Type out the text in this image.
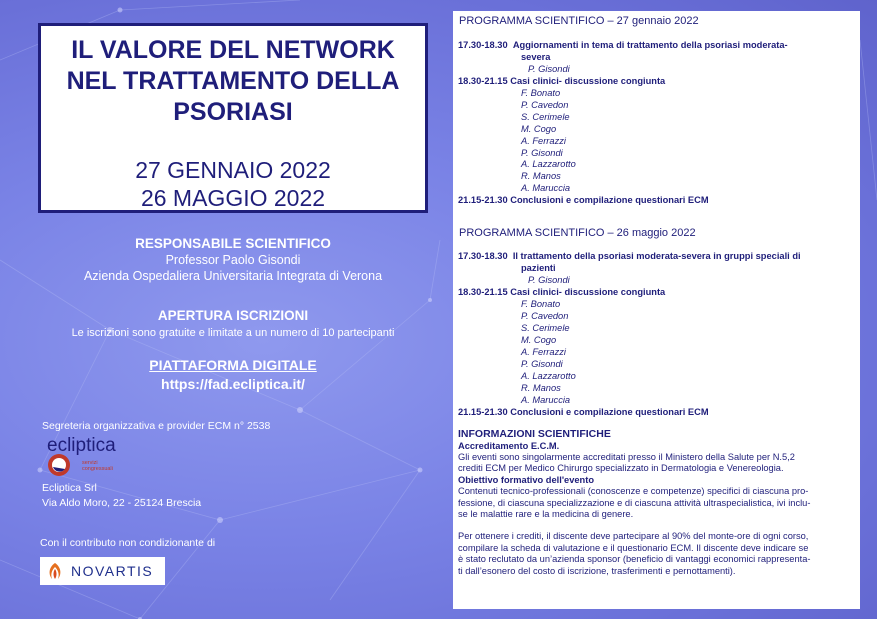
IL VALORE DEL NETWORK
NEL TRATTAMENTO DELLA
PSORIASI
27 GENNAIO 2022
26 MAGGIO 2022
RESPONSABILE SCIENTIFICO
Professor Paolo Gisondi
Azienda Ospedaliera Universitaria Integrata di Verona
APERTURA ISCRIZIONI
Le iscrizioni sono gratuite e limitate a un numero di 10 partecipanti
PIATTAFORMA DIGITALE
https://fad.ecliptica.it/
Segreteria organizzativa e provider ECM n° 2538
ecliptica
servizi congressuali
Ecliptica Srl
Via Aldo Moro, 22 - 25124 Brescia
Con il contributo non condizionante di
NOVARTIS
PROGRAMMA SCIENTIFICO – 27 gennaio 2022
17.30-18.30 Aggiornamenti in tema di trattamento della psoriasi moderata-
severa
P. Gisondi
18.30-21.15 Casi clinici- discussione congiunta
F. Bonato
P. Cavedon
S. Cerimele
M. Cogo
A. Ferrazzi
P. Gisondi
A. Lazzarotto
R. Manos
A. Maruccia
21.15-21.30 Conclusioni e compilazione questionari ECM
PROGRAMMA SCIENTIFICO – 26 maggio 2022
17.30-18.30 Il trattamento della psoriasi moderata-severa in gruppi speciali di
pazienti
P. Gisondi
18.30-21.15 Casi clinici- discussione congiunta
F. Bonato
P. Cavedon
S. Cerimele
M. Cogo
A. Ferrazzi
P. Gisondi
A. Lazzarotto
R. Manos
A. Maruccia
21.15-21.30 Conclusioni e compilazione questionari ECM
INFORMAZIONI SCIENTIFICHE
Accreditamento E.C.M.
Gli eventi sono singolarmente accreditati presso il Ministero della Salute per N.5,2
crediti ECM per Medico Chirurgo specializzato in Dermatologia e Venereologia.
Obiettivo formativo dell'evento
Contenuti tecnico-professionali (conoscenze e competenze) specifici di ciascuna pro-
fessione, di ciascuna specializzazione e di ciascuna attività ultraspecialistica, ivi inclu-
se le malattie rare e la medicina di genere.
Per ottenere i crediti, il discente deve partecipare al 90% del monte-ore di ogni corso,
compilare la scheda di valutazione e il questionario ECM. Il discente deve indicare se
è stato reclutato da un’azienda sponsor (beneficio di vantaggi economici rappresenta-
ti dall’esonero del costo di iscrizione, trasferimenti e pernottamenti).
